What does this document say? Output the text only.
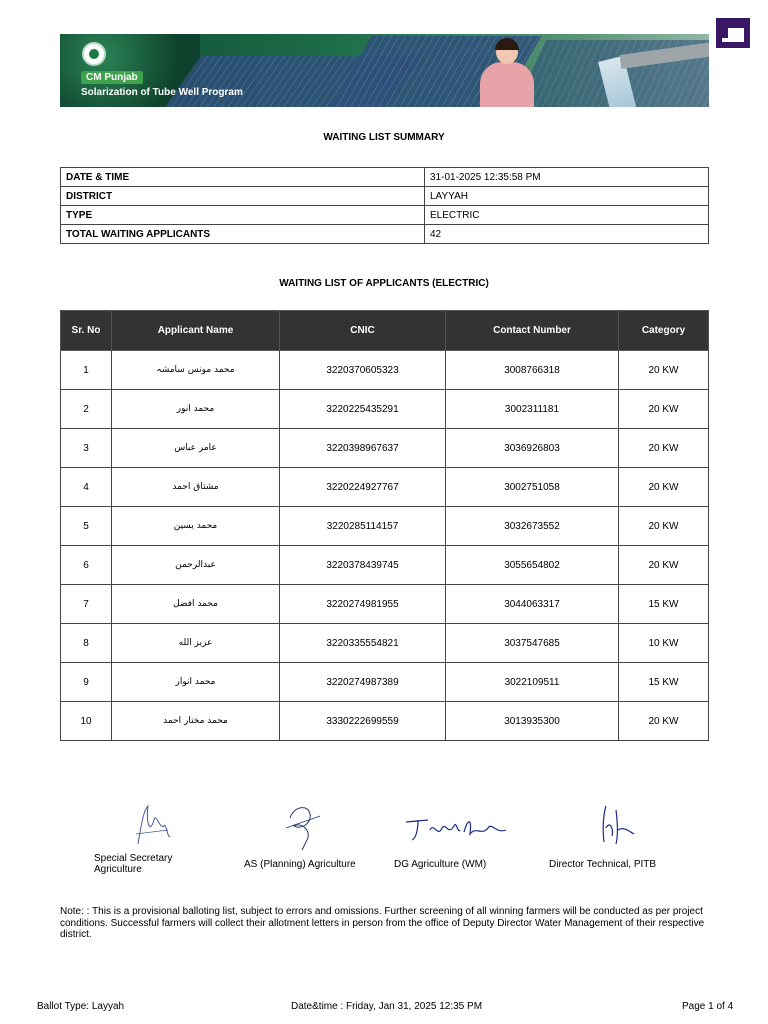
CM Punjab
Solarization of Tube Well Program
WAITING LIST SUMMARY
DATE & TIME	31-01-2025 12:35:58 PM
DISTRICT	LAYYAH
TYPE	ELECTRIC
TOTAL WAITING APPLICANTS	42
WAITING LIST OF APPLICANTS (ELECTRIC)
Sr. No	Applicant Name	CNIC	Contact Number	Category
1	محمد مونس سامشہ	3220370605323	3008766318	20 KW
2	محمد انور	3220225435291	3002311181	20 KW
3	عامر عباس	3220398967637	3036926803	20 KW
4	مشتاق احمد	3220224927767	3002751058	20 KW
5	محمد يسين	3220285114157	3032673552	20 KW
6	عبدالرحمن	3220378439745	3055654802	20 KW
7	محمد افضل	3220274981955	3044063317	15 KW
8	عزيز الله	3220335554821	3037547685	10 KW
9	محمد انوار	3220274987389	3022109511	15 KW
10	محمد مختار احمد	3330222699559	3013935300	20 KW
Special Secretary
Agriculture	AS (Planning) Agriculture	DG Agriculture (WM)	Director Technical, PITB
Note: : This is a provisional balloting list, subject to errors and omissions. Further screening of all winning farmers will be conducted as per project conditions. Successful farmers will collect their allotment letters in person from the office of Deputy Director Water Management of their respective district.
Ballot Type: Layyah	Date&time : Friday, Jan 31, 2025 12:35 PM	Page 1 of 4
